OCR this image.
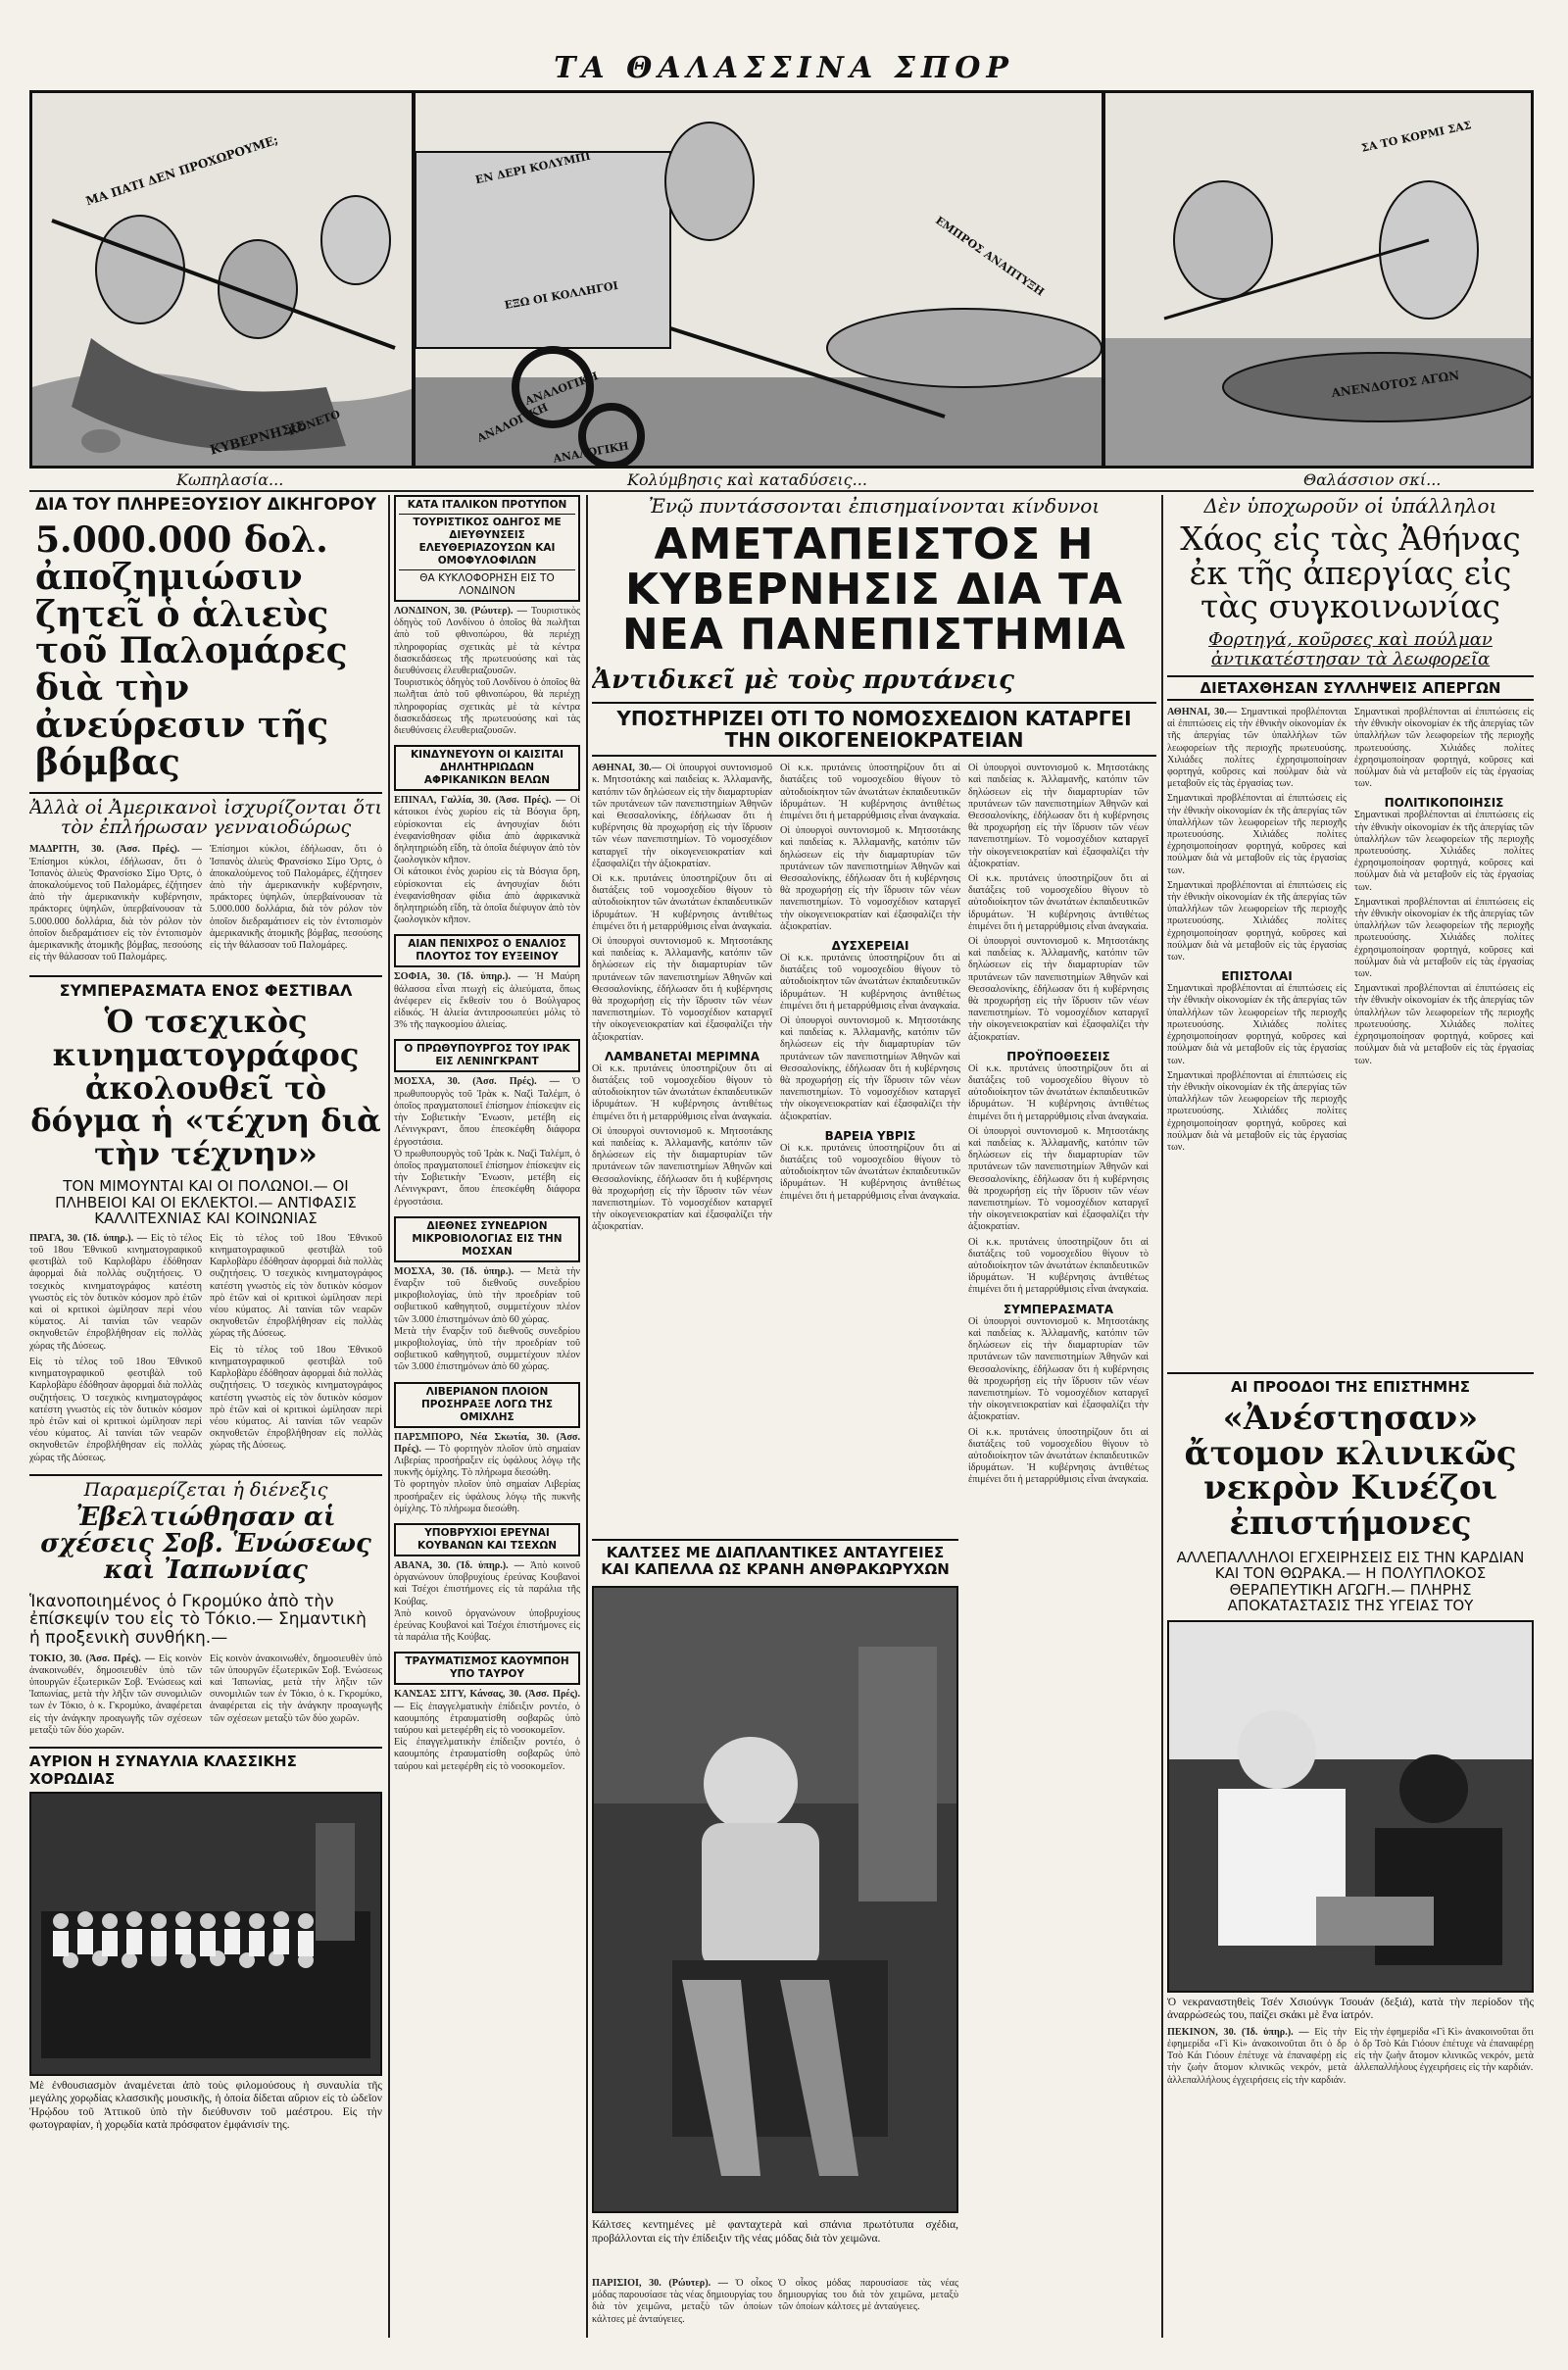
ΤΑ ΘΑΛΑΣΣΙΝΑ ΣΠΟΡ
ΜΑ ΠΑΤΙ ΔΕΝ ΠΡΟΧΩΡΟΥΜΕ;
ΚΟΝΕΤΟ
ΚΥΒΕΡΝΗΣΙΣ
ΕΝ ΔΕΡΙ ΚΟΛΥΜΠΙ
ΕΞΩ ΟΙ ΚΟΛΛΗΓΟΙ
ΑΝΑΛΟΓΙΚΗ
ΑΝΑΛΟΓΙΚΗ
ΑΝΑΛΟΓΙΚΗ
ΕΜΠΡΟΣ ΑΝΑΠΤΥΞΗ
ΣΑ ΤΟ ΚΟΡΜΙ ΣΑΣ
ΑΝΕΝΔΟΤΟΣ ΑΓΩΝ
Κωπηλασία...	Κολύμβησις καὶ καταδύσεις...	Θαλάσσιον σκί...
ΔΙΑ ΤΟΥ ΠΛΗΡΕΞΟΥΣΙΟΥ ΔΙΚΗΓΟΡΟΥ
5.000.000 δολ. ἀποζημιώσιν ζητεῖ ὁ ἁλιεὺς τοῦ Παλομάρες διὰ τὴν ἀνεύρεσιν τῆς βόμβας
Ἀλλὰ οἱ Ἀμερικανοὶ ἰσχυρίζονται ὅτι τὸν ἐπλήρωσαν γενναιοδώρως

ΜΑΔΡΙΤΗ, 30. (Ἀσσ. Πρές). — Ἐπίσημοι κύκλοι, ἐδήλωσαν, ὅτι ὁ Ἰσπανὸς ἁλιεὺς Φρανσίσκο Σίμο Ὀρτς, ὁ ἀποκαλούμενος τοῦ Παλομάρες, ἐζήτησεν ἀπὸ τὴν ἀμερικανικὴν κυβέρνησιν, πράκτορες ὑψηλῶν, ὑπερβαίνουσαν τὰ 5.000.000 δολλάρια, διὰ τὸν ρόλον τὸν ὁποῖον διεδραμάτισεν εἰς τὸν ἐντοπισμὸν ἀμερικανικῆς ἀτομικῆς βόμβας, πεσούσης εἰς τὴν θάλασσαν τοῦ Παλομάρες.

Ἐπίσημοι κύκλοι, ἐδήλωσαν, ὅτι ὁ Ἰσπανὸς ἁλιεὺς Φρανσίσκο Σίμο Ὀρτς, ὁ ἀποκαλούμενος τοῦ Παλομάρες, ἐζήτησεν ἀπὸ τὴν ἀμερικανικὴν κυβέρνησιν, πράκτορες ὑψηλῶν, ὑπερβαίνουσαν τὰ 5.000.000 δολλάρια, διὰ τὸν ρόλον τὸν ὁποῖον διεδραμάτισεν εἰς τὸν ἐντοπισμὸν ἀμερικανικῆς ἀτομικῆς βόμβας, πεσούσης εἰς τὴν θάλασσαν τοῦ Παλομάρες.

ΣΥΜΠΕΡΑΣΜΑΤΑ ΕΝΟΣ ΦΕΣΤΙΒΑΛ
Ὁ τσεχικὸς κινηματογράφος ἀκολουθεῖ τὸ δόγμα ἡ «τέχνη διὰ τὴν τέχνην»
ΤΟΝ ΜΙΜΟΥΝΤΑΙ ΚΑΙ ΟΙ ΠΟΛΩΝΟΙ.— ΟΙ ΠΛΗΒΕΙΟΙ ΚΑΙ ΟΙ ΕΚΛΕΚΤΟΙ.— ΑΝΤΙΦΑΣΙΣ ΚΑΛΛΙΤΕΧΝΙΑΣ ΚΑΙ ΚΟΙΝΩΝΙΑΣ

ΠΡΑΓΑ, 30. (Ἰδ. ὑπηρ.). — Εἰς τὸ τέλος τοῦ 18ου Ἐθνικοῦ κινηματογραφικοῦ φεστιβὰλ τοῦ Καρλοβὰρυ ἐδόθησαν ἀφορμαὶ διὰ πολλὰς συζητήσεις. Ὁ τσεχικὸς κινηματογράφος κατέστη γνωστὸς εἰς τὸν δυτικὸν κόσμον πρὸ ἐτῶν καὶ οἱ κριτικοὶ ὡμίλησαν περὶ νέου κύματος. Αἱ ταινίαι τῶν νεαρῶν σκηνοθετῶν ἐπροβλήθησαν εἰς πολλὰς χώρας τῆς Δύσεως.

Εἰς τὸ τέλος τοῦ 18ου Ἐθνικοῦ κινηματογραφικοῦ φεστιβὰλ τοῦ Καρλοβὰρυ ἐδόθησαν ἀφορμαὶ διὰ πολλὰς συζητήσεις. Ὁ τσεχικὸς κινηματογράφος κατέστη γνωστὸς εἰς τὸν δυτικὸν κόσμον πρὸ ἐτῶν καὶ οἱ κριτικοὶ ὡμίλησαν περὶ νέου κύματος. Αἱ ταινίαι τῶν νεαρῶν σκηνοθετῶν ἐπροβλήθησαν εἰς πολλὰς χώρας τῆς Δύσεως.

Εἰς τὸ τέλος τοῦ 18ου Ἐθνικοῦ κινηματογραφικοῦ φεστιβὰλ τοῦ Καρλοβὰρυ ἐδόθησαν ἀφορμαὶ διὰ πολλὰς συζητήσεις. Ὁ τσεχικὸς κινηματογράφος κατέστη γνωστὸς εἰς τὸν δυτικὸν κόσμον πρὸ ἐτῶν καὶ οἱ κριτικοὶ ὡμίλησαν περὶ νέου κύματος. Αἱ ταινίαι τῶν νεαρῶν σκηνοθετῶν ἐπροβλήθησαν εἰς πολλὰς χώρας τῆς Δύσεως.

Εἰς τὸ τέλος τοῦ 18ου Ἐθνικοῦ κινηματογραφικοῦ φεστιβὰλ τοῦ Καρλοβὰρυ ἐδόθησαν ἀφορμαὶ διὰ πολλὰς συζητήσεις. Ὁ τσεχικὸς κινηματογράφος κατέστη γνωστὸς εἰς τὸν δυτικὸν κόσμον πρὸ ἐτῶν καὶ οἱ κριτικοὶ ὡμίλησαν περὶ νέου κύματος. Αἱ ταινίαι τῶν νεαρῶν σκηνοθετῶν ἐπροβλήθησαν εἰς πολλὰς χώρας τῆς Δύσεως.

Παραμερίζεται ἡ διένεξις
Ἐβελτιώθησαν αἱ σχέσεις Σοβ. Ἑνώσεως καὶ Ἰαπωνίας
Ἱκανοποιημένος ὁ Γκρομύκο ἀπὸ τὴν ἐπίσκεψίν του εἰς τὸ Τόκιο.— Σημαντικὴ ἡ προξενικὴ συνθήκη.—

ΤΟΚΙΟ, 30. (Ἀσσ. Πρές). — Εἰς κοινὸν ἀνακοινωθέν, δημοσιευθὲν ὑπὸ τῶν ὑπουργῶν ἐξωτερικῶν Σοβ. Ἑνώσεως καὶ Ἰαπωνίας, μετὰ τὴν λῆξιν τῶν συνομιλιῶν των ἐν Τόκιο, ὁ κ. Γκρομύκο, ἀναφέρεται εἰς τὴν ἀνάγκην προαγωγῆς τῶν σχέσεων μεταξὺ τῶν δύο χωρῶν.

Εἰς κοινὸν ἀνακοινωθέν, δημοσιευθὲν ὑπὸ τῶν ὑπουργῶν ἐξωτερικῶν Σοβ. Ἑνώσεως καὶ Ἰαπωνίας, μετὰ τὴν λῆξιν τῶν συνομιλιῶν των ἐν Τόκιο, ὁ κ. Γκρομύκο, ἀναφέρεται εἰς τὴν ἀνάγκην προαγωγῆς τῶν σχέσεων μεταξὺ τῶν δύο χωρῶν.

ΑΥΡΙΟΝ Η ΣΥΝΑΥΛΙΑ ΚΛΑΣΣΙΚΗΣ ΧΟΡΩΔΙΑΣ

Μὲ ἐνθουσιασμὸν ἀναμένεται ἀπὸ τοὺς φιλομούσους ἡ συναυλία τῆς μεγάλης χορῳδίας κλασσικῆς μουσικῆς, ἡ ὁποία δίδεται αὔριον εἰς τὸ ὠδεῖον Ἡρῴδου τοῦ Ἀττικοῦ ὑπὸ τὴν διεύθυνσιν τοῦ μαέστρου. Εἰς τὴν φωτογραφίαν, ἡ χορῳδία κατὰ πρόσφατον ἐμφάνισίν της.

ΚΑΤΑ ΙΤΑΛΙΚΟΝ ΠΡΟΤΥΠΟΝ
ΤΟΥΡΙΣΤΙΚΟΣ ΟΔΗΓΟΣ ΜΕ ΔΙΕΥΘΥΝΣΕΙΣ ΕΛΕΥΘΕΡΙΑΖΟΥΣΩΝ ΚΑΙ ΟΜΟΦΥΛΟΦΙΛΩΝ
ΘΑ ΚΥΚΛΟΦΟΡΗΣΗ ΕΙΣ ΤΟ ΛΟΝΔΙΝΟΝ

ΛΟΝΔΙΝΟΝ, 30. (Ρώυτερ). — Τουριστικὸς ὁδηγὸς τοῦ Λονδίνου ὁ ὁποῖος θὰ πωλῆται ἀπὸ τοῦ φθινοπώρου, θὰ περιέχῃ πληροφορίας σχετικὰς μὲ τὰ κέντρα διασκεδάσεως τῆς πρωτευούσης καὶ τὰς διευθύνσεις ἐλευθεριαζουσῶν.

Τουριστικὸς ὁδηγὸς τοῦ Λονδίνου ὁ ὁποῖος θὰ πωλῆται ἀπὸ τοῦ φθινοπώρου, θὰ περιέχῃ πληροφορίας σχετικὰς μὲ τὰ κέντρα διασκεδάσεως τῆς πρωτευούσης καὶ τὰς διευθύνσεις ἐλευθεριαζουσῶν.

ΚΙΝΔΥΝΕΥΟΥΝ ΟΙ ΚΑΙΣΙΤΑΙ ΔΗΛΗΤΗΡΙΩΔΩΝ ΑΦΡΙΚΑΝΙΚΩΝ ΒΕΛΩΝ

ΕΠΙΝΑΛ, Γαλλία, 30. (Ἀσσ. Πρές). — Οἱ κάτοικοι ἐνὸς χωρίου εἰς τὰ Βόσγια ὄρη, εὑρίσκονται εἰς ἀνησυχίαν διότι ἐνεφανίσθησαν φίδια ἀπὸ ἀφρικανικὰ δηλητηριώδη εἴδη, τὰ ὁποῖα διέφυγον ἀπὸ τὸν ζωολογικὸν κῆπον.

Οἱ κάτοικοι ἐνὸς χωρίου εἰς τὰ Βόσγια ὄρη, εὑρίσκονται εἰς ἀνησυχίαν διότι ἐνεφανίσθησαν φίδια ἀπὸ ἀφρικανικὰ δηλητηριώδη εἴδη, τὰ ὁποῖα διέφυγον ἀπὸ τὸν ζωολογικὸν κῆπον.

ΑΙΑΝ ΠΕΝΙΧΡΟΣ Ο ΕΝΑΛΙΟΣ ΠΛΟΥΤΟΣ ΤΟΥ ΕΥΞΕΙΝΟΥ

ΣΟΦΙΑ, 30. (Ἰδ. ὑπηρ.). — Ἡ Μαύρη θάλασσα εἶναι πτωχὴ εἰς ἁλιεύματα, ὅπως ἀνέφερεν εἰς ἔκθεσίν του ὁ Βούλγαρος εἰδικός. Ἡ ἁλιεία ἀντιπροσωπεύει μόλις τὸ 3% τῆς παγκοσμίου ἀλιείας.

Ο ΠΡΩΘΥΠΟΥΡΓΟΣ ΤΟΥ ΙΡΑΚ ΕΙΣ ΛΕΝΙΝΓΚΡΑΝΤ

ΜΟΣΧΑ, 30. (Ἀσσ. Πρές). — Ὁ πρωθυπουργὸς τοῦ Ἰρὰκ κ. Ναζὶ Ταλέμπ, ὁ ὁποῖος πραγματοποιεῖ ἐπίσημον ἐπίσκεψιν εἰς τὴν Σοβιετικὴν Ἕνωσιν, μετέβη εἰς Λένινγκραντ, ὅπου ἐπεσκέφθη διάφορα ἐργοστάσια.

Ὁ πρωθυπουργὸς τοῦ Ἰρὰκ κ. Ναζὶ Ταλέμπ, ὁ ὁποῖος πραγματοποιεῖ ἐπίσημον ἐπίσκεψιν εἰς τὴν Σοβιετικὴν Ἕνωσιν, μετέβη εἰς Λένινγκραντ, ὅπου ἐπεσκέφθη διάφορα ἐργοστάσια.

ΔΙΕΘΝΕΣ ΣΥΝΕΔΡΙΟΝ ΜΙΚΡΟΒΙΟΛΟΓΙΑΣ ΕΙΣ ΤΗΝ ΜΟΣΧΑΝ

ΜΟΣΧΑ, 30. (Ἰδ. ὑπηρ.). — Μετὰ τὴν ἔναρξιν τοῦ διεθνοῦς συνεδρίου μικροβιολογίας, ὑπὸ τὴν προεδρίαν τοῦ σοβιετικοῦ καθηγητοῦ, συμμετέχουν πλέον τῶν 3.000 ἐπιστημόνων ἀπὸ 60 χώρας.

Μετὰ τὴν ἔναρξιν τοῦ διεθνοῦς συνεδρίου μικροβιολογίας, ὑπὸ τὴν προεδρίαν τοῦ σοβιετικοῦ καθηγητοῦ, συμμετέχουν πλέον τῶν 3.000 ἐπιστημόνων ἀπὸ 60 χώρας.

ΛΙΒΕΡΙΑΝΟΝ ΠΛΟΙΟΝ ΠΡΟΣΗΡΑΞΕ ΛΟΓΩ ΤΗΣ ΟΜΙΧΛΗΣ

ΠΑΡΣΜΠΟΡΟ, Νέα Σκωτία, 30. (Ἀσσ. Πρές). — Τὸ φορτηγὸν πλοῖον ὑπὸ σημαίαν Λιβερίας προσήραξεν εἰς ὑφάλους λόγῳ τῆς πυκνῆς ὁμίχλης. Τὸ πλήρωμα διεσώθη.

Τὸ φορτηγὸν πλοῖον ὑπὸ σημαίαν Λιβερίας προσήραξεν εἰς ὑφάλους λόγῳ τῆς πυκνῆς ὁμίχλης. Τὸ πλήρωμα διεσώθη.

ΥΠΟΒΡΥΧΙΟΙ ΕΡΕΥΝΑΙ ΚΟΥΒΑΝΩΝ ΚΑΙ ΤΣΕΧΩΝ

ΑΒΑΝΑ, 30. (Ἰδ. ὑπηρ.). — Ἀπὸ κοινοῦ ὀργανώνουν ὑποβρυχίους ἐρεύνας Κουβανοὶ καὶ Τσέχοι ἐπιστήμονες εἰς τὰ παράλια τῆς Κούβας.

Ἀπὸ κοινοῦ ὀργανώνουν ὑποβρυχίους ἐρεύνας Κουβανοὶ καὶ Τσέχοι ἐπιστήμονες εἰς τὰ παράλια τῆς Κούβας.

ΤΡΑΥΜΑΤΙΣΜΟΣ ΚΑΟΥΜΠΟΗ ΥΠΟ ΤΑΥΡΟΥ

ΚΑΝΣΑΣ ΣΙΤΥ, Κάνσας, 30. (Ἀσσ. Πρές). — Εἰς ἐπαγγελματικὴν ἐπίδειξιν ροντέο, ὁ καουμπόης ἐτραυματίσθη σοβαρῶς ὑπὸ ταύρου καὶ μετεφέρθη εἰς τὸ νοσοκομεῖον.

Εἰς ἐπαγγελματικὴν ἐπίδειξιν ροντέο, ὁ καουμπόης ἐτραυματίσθη σοβαρῶς ὑπὸ ταύρου καὶ μετεφέρθη εἰς τὸ νοσοκομεῖον.

Ἐνῷ πυντάσσονται ἐπισημαίνονται κίνδυνοι
ΑΜΕΤΑΠΕΙΣΤΟΣ Η ΚΥΒΕΡΝΗΣΙΣ ΔΙΑ ΤΑ ΝΕΑ ΠΑΝΕΠΙΣΤΗΜΙΑ
Ἀντιδικεῖ μὲ τοὺς πρυτάνεις
ΥΠΟΣΤΗΡΙΖΕΙ ΟΤΙ ΤΟ ΝΟΜΟΣΧΕΔΙΟΝ ΚΑΤΑΡΓΕΙ ΤΗΝ ΟΙΚΟΓΕΝΕΙΟΚΡΑΤΕΙΑΝ

ΑΘΗΝΑΙ, 30.— Οἱ ὑπουργοὶ συντονισμοῦ κ. Μητσοτάκης καὶ παιδείας κ. Ἀλλαμανῆς, κατόπιν τῶν δηλώσεων εἰς τὴν διαμαρτυρίαν τῶν πρυτάνεων τῶν πανεπιστημίων Ἀθηνῶν καὶ Θεσσαλονίκης, ἐδήλωσαν ὅτι ἡ κυβέρνησις θὰ προχωρήσῃ εἰς τὴν ἵδρυσιν τῶν νέων πανεπιστημίων. Τὸ νομοσχέδιον καταργεῖ τὴν οἰκογενειοκρατίαν καὶ ἐξασφαλίζει τὴν ἀξιοκρατίαν.

Οἱ κ.κ. πρυτάνεις ὑποστηρίζουν ὅτι αἱ διατάξεις τοῦ νομοσχεδίου θίγουν τὸ αὐτοδιοίκητον τῶν ἀνωτάτων ἐκπαιδευτικῶν ἱδρυμάτων. Ἡ κυβέρνησις ἀντιθέτως ἐπιμένει ὅτι ἡ μεταρρύθμισις εἶναι ἀναγκαία.

Οἱ ὑπουργοὶ συντονισμοῦ κ. Μητσοτάκης καὶ παιδείας κ. Ἀλλαμανῆς, κατόπιν τῶν δηλώσεων εἰς τὴν διαμαρτυρίαν τῶν πρυτάνεων τῶν πανεπιστημίων Ἀθηνῶν καὶ Θεσσαλονίκης, ἐδήλωσαν ὅτι ἡ κυβέρνησις θὰ προχωρήσῃ εἰς τὴν ἵδρυσιν τῶν νέων πανεπιστημίων. Τὸ νομοσχέδιον καταργεῖ τὴν οἰκογενειοκρατίαν καὶ ἐξασφαλίζει τὴν ἀξιοκρατίαν.

ΛΑΜΒΑΝΕΤΑΙ ΜΕΡΙΜΝΑ

Οἱ κ.κ. πρυτάνεις ὑποστηρίζουν ὅτι αἱ διατάξεις τοῦ νομοσχεδίου θίγουν τὸ αὐτοδιοίκητον τῶν ἀνωτάτων ἐκπαιδευτικῶν ἱδρυμάτων. Ἡ κυβέρνησις ἀντιθέτως ἐπιμένει ὅτι ἡ μεταρρύθμισις εἶναι ἀναγκαία.

Οἱ ὑπουργοὶ συντονισμοῦ κ. Μητσοτάκης καὶ παιδείας κ. Ἀλλαμανῆς, κατόπιν τῶν δηλώσεων εἰς τὴν διαμαρτυρίαν τῶν πρυτάνεων τῶν πανεπιστημίων Ἀθηνῶν καὶ Θεσσαλονίκης, ἐδήλωσαν ὅτι ἡ κυβέρνησις θὰ προχωρήσῃ εἰς τὴν ἵδρυσιν τῶν νέων πανεπιστημίων. Τὸ νομοσχέδιον καταργεῖ τὴν οἰκογενειοκρατίαν καὶ ἐξασφαλίζει τὴν ἀξιοκρατίαν.

Οἱ κ.κ. πρυτάνεις ὑποστηρίζουν ὅτι αἱ διατάξεις τοῦ νομοσχεδίου θίγουν τὸ αὐτοδιοίκητον τῶν ἀνωτάτων ἐκπαιδευτικῶν ἱδρυμάτων. Ἡ κυβέρνησις ἀντιθέτως ἐπιμένει ὅτι ἡ μεταρρύθμισις εἶναι ἀναγκαία.

Οἱ ὑπουργοὶ συντονισμοῦ κ. Μητσοτάκης καὶ παιδείας κ. Ἀλλαμανῆς, κατόπιν τῶν δηλώσεων εἰς τὴν διαμαρτυρίαν τῶν πρυτάνεων τῶν πανεπιστημίων Ἀθηνῶν καὶ Θεσσαλονίκης, ἐδήλωσαν ὅτι ἡ κυβέρνησις θὰ προχωρήσῃ εἰς τὴν ἵδρυσιν τῶν νέων πανεπιστημίων. Τὸ νομοσχέδιον καταργεῖ τὴν οἰκογενειοκρατίαν καὶ ἐξασφαλίζει τὴν ἀξιοκρατίαν.

ΔΥΣΧΕΡΕΙΑΙ

Οἱ κ.κ. πρυτάνεις ὑποστηρίζουν ὅτι αἱ διατάξεις τοῦ νομοσχεδίου θίγουν τὸ αὐτοδιοίκητον τῶν ἀνωτάτων ἐκπαιδευτικῶν ἱδρυμάτων. Ἡ κυβέρνησις ἀντιθέτως ἐπιμένει ὅτι ἡ μεταρρύθμισις εἶναι ἀναγκαία.

Οἱ ὑπουργοὶ συντονισμοῦ κ. Μητσοτάκης καὶ παιδείας κ. Ἀλλαμανῆς, κατόπιν τῶν δηλώσεων εἰς τὴν διαμαρτυρίαν τῶν πρυτάνεων τῶν πανεπιστημίων Ἀθηνῶν καὶ Θεσσαλονίκης, ἐδήλωσαν ὅτι ἡ κυβέρνησις θὰ προχωρήσῃ εἰς τὴν ἵδρυσιν τῶν νέων πανεπιστημίων. Τὸ νομοσχέδιον καταργεῖ τὴν οἰκογενειοκρατίαν καὶ ἐξασφαλίζει τὴν ἀξιοκρατίαν.

ΒΑΡΕΙΑ ΥΒΡΙΣ

Οἱ κ.κ. πρυτάνεις ὑποστηρίζουν ὅτι αἱ διατάξεις τοῦ νομοσχεδίου θίγουν τὸ αὐτοδιοίκητον τῶν ἀνωτάτων ἐκπαιδευτικῶν ἱδρυμάτων. Ἡ κυβέρνησις ἀντιθέτως ἐπιμένει ὅτι ἡ μεταρρύθμισις εἶναι ἀναγκαία.

Οἱ ὑπουργοὶ συντονισμοῦ κ. Μητσοτάκης καὶ παιδείας κ. Ἀλλαμανῆς, κατόπιν τῶν δηλώσεων εἰς τὴν διαμαρτυρίαν τῶν πρυτάνεων τῶν πανεπιστημίων Ἀθηνῶν καὶ Θεσσαλονίκης, ἐδήλωσαν ὅτι ἡ κυβέρνησις θὰ προχωρήσῃ εἰς τὴν ἵδρυσιν τῶν νέων πανεπιστημίων. Τὸ νομοσχέδιον καταργεῖ τὴν οἰκογενειοκρατίαν καὶ ἐξασφαλίζει τὴν ἀξιοκρατίαν.

Οἱ κ.κ. πρυτάνεις ὑποστηρίζουν ὅτι αἱ διατάξεις τοῦ νομοσχεδίου θίγουν τὸ αὐτοδιοίκητον τῶν ἀνωτάτων ἐκπαιδευτικῶν ἱδρυμάτων. Ἡ κυβέρνησις ἀντιθέτως ἐπιμένει ὅτι ἡ μεταρρύθμισις εἶναι ἀναγκαία.

Οἱ ὑπουργοὶ συντονισμοῦ κ. Μητσοτάκης καὶ παιδείας κ. Ἀλλαμανῆς, κατόπιν τῶν δηλώσεων εἰς τὴν διαμαρτυρίαν τῶν πρυτάνεων τῶν πανεπιστημίων Ἀθηνῶν καὶ Θεσσαλονίκης, ἐδήλωσαν ὅτι ἡ κυβέρνησις θὰ προχωρήσῃ εἰς τὴν ἵδρυσιν τῶν νέων πανεπιστημίων. Τὸ νομοσχέδιον καταργεῖ τὴν οἰκογενειοκρατίαν καὶ ἐξασφαλίζει τὴν ἀξιοκρατίαν.

ΠΡΟΫΠΟΘΕΣΕΙΣ

Οἱ κ.κ. πρυτάνεις ὑποστηρίζουν ὅτι αἱ διατάξεις τοῦ νομοσχεδίου θίγουν τὸ αὐτοδιοίκητον τῶν ἀνωτάτων ἐκπαιδευτικῶν ἱδρυμάτων. Ἡ κυβέρνησις ἀντιθέτως ἐπιμένει ὅτι ἡ μεταρρύθμισις εἶναι ἀναγκαία.

Οἱ ὑπουργοὶ συντονισμοῦ κ. Μητσοτάκης καὶ παιδείας κ. Ἀλλαμανῆς, κατόπιν τῶν δηλώσεων εἰς τὴν διαμαρτυρίαν τῶν πρυτάνεων τῶν πανεπιστημίων Ἀθηνῶν καὶ Θεσσαλονίκης, ἐδήλωσαν ὅτι ἡ κυβέρνησις θὰ προχωρήσῃ εἰς τὴν ἵδρυσιν τῶν νέων πανεπιστημίων. Τὸ νομοσχέδιον καταργεῖ τὴν οἰκογενειοκρατίαν καὶ ἐξασφαλίζει τὴν ἀξιοκρατίαν.

Οἱ κ.κ. πρυτάνεις ὑποστηρίζουν ὅτι αἱ διατάξεις τοῦ νομοσχεδίου θίγουν τὸ αὐτοδιοίκητον τῶν ἀνωτάτων ἐκπαιδευτικῶν ἱδρυμάτων. Ἡ κυβέρνησις ἀντιθέτως ἐπιμένει ὅτι ἡ μεταρρύθμισις εἶναι ἀναγκαία.

ΣΥΜΠΕΡΑΣΜΑΤΑ

Οἱ ὑπουργοὶ συντονισμοῦ κ. Μητσοτάκης καὶ παιδείας κ. Ἀλλαμανῆς, κατόπιν τῶν δηλώσεων εἰς τὴν διαμαρτυρίαν τῶν πρυτάνεων τῶν πανεπιστημίων Ἀθηνῶν καὶ Θεσσαλονίκης, ἐδήλωσαν ὅτι ἡ κυβέρνησις θὰ προχωρήσῃ εἰς τὴν ἵδρυσιν τῶν νέων πανεπιστημίων. Τὸ νομοσχέδιον καταργεῖ τὴν οἰκογενειοκρατίαν καὶ ἐξασφαλίζει τὴν ἀξιοκρατίαν.

Οἱ κ.κ. πρυτάνεις ὑποστηρίζουν ὅτι αἱ διατάξεις τοῦ νομοσχεδίου θίγουν τὸ αὐτοδιοίκητον τῶν ἀνωτάτων ἐκπαιδευτικῶν ἱδρυμάτων. Ἡ κυβέρνησις ἀντιθέτως ἐπιμένει ὅτι ἡ μεταρρύθμισις εἶναι ἀναγκαία.

ΚΑΛΤΣΕΣ ΜΕ ΔΙΑΠΛΑΝΤΙΚΕΣ ΑΝΤΑΥΓΕΙΕΣ ΚΑΙ ΚΑΠΕΛΛΑ ΩΣ ΚΡΑΝΗ ΑΝΘΡΑΚΩΡΥΧΩΝ

Κάλτσες κεντημένες μὲ φανταχτερὰ καὶ σπάνια πρωτότυπα σχέδια, προβάλλονται εἰς τὴν ἐπίδειξιν τῆς νέας μόδας διὰ τὸν χειμῶνα.

ΠΑΡΙΣΙΟΙ, 30. (Ρώυτερ). — Ὁ οἶκος μόδας παρουσίασε τὰς νέας δημιουργίας του διὰ τὸν χειμῶνα, μεταξὺ τῶν ὁποίων κάλτσες μὲ ἀνταύγειες.

Ὁ οἶκος μόδας παρουσίασε τὰς νέας δημιουργίας του διὰ τὸν χειμῶνα, μεταξὺ τῶν ὁποίων κάλτσες μὲ ἀνταύγειες.

Δὲν ὑποχωροῦν οἱ ὑπάλληλοι
Χάος εἰς τὰς Ἀθήνας ἐκ τῆς ἀπεργίας εἰς τὰς συγκοινωνίας
Φορτηγά, κοῦρσες καὶ πούλμαν ἀντικατέστησαν τὰ λεωφορεῖα
ΔΙΕΤΑΧΘΗΣΑΝ ΣΥΛΛΗΨΕΙΣ ΑΠΕΡΓΩΝ

ΑΘΗΝΑΙ, 30.— Σημαντικαὶ προβλέπονται αἱ ἐπιπτώσεις εἰς τὴν ἐθνικὴν οἰκονομίαν ἐκ τῆς ἀπεργίας τῶν ὑπαλλήλων τῶν λεωφορείων τῆς περιοχῆς πρωτευούσης. Χιλιάδες πολίτες ἐχρησιμοποίησαν φορτηγά, κοῦρσες καὶ πούλμαν διὰ νὰ μεταβοῦν εἰς τὰς ἐργασίας των.

Σημαντικαὶ προβλέπονται αἱ ἐπιπτώσεις εἰς τὴν ἐθνικὴν οἰκονομίαν ἐκ τῆς ἀπεργίας τῶν ὑπαλλήλων τῶν λεωφορείων τῆς περιοχῆς πρωτευούσης. Χιλιάδες πολίτες ἐχρησιμοποίησαν φορτηγά, κοῦρσες καὶ πούλμαν διὰ νὰ μεταβοῦν εἰς τὰς ἐργασίας των.

Σημαντικαὶ προβλέπονται αἱ ἐπιπτώσεις εἰς τὴν ἐθνικὴν οἰκονομίαν ἐκ τῆς ἀπεργίας τῶν ὑπαλλήλων τῶν λεωφορείων τῆς περιοχῆς πρωτευούσης. Χιλιάδες πολίτες ἐχρησιμοποίησαν φορτηγά, κοῦρσες καὶ πούλμαν διὰ νὰ μεταβοῦν εἰς τὰς ἐργασίας των.

ΕΠΙΣΤΟΛΑΙ

Σημαντικαὶ προβλέπονται αἱ ἐπιπτώσεις εἰς τὴν ἐθνικὴν οἰκονομίαν ἐκ τῆς ἀπεργίας τῶν ὑπαλλήλων τῶν λεωφορείων τῆς περιοχῆς πρωτευούσης. Χιλιάδες πολίτες ἐχρησιμοποίησαν φορτηγά, κοῦρσες καὶ πούλμαν διὰ νὰ μεταβοῦν εἰς τὰς ἐργασίας των.

Σημαντικαὶ προβλέπονται αἱ ἐπιπτώσεις εἰς τὴν ἐθνικὴν οἰκονομίαν ἐκ τῆς ἀπεργίας τῶν ὑπαλλήλων τῶν λεωφορείων τῆς περιοχῆς πρωτευούσης. Χιλιάδες πολίτες ἐχρησιμοποίησαν φορτηγά, κοῦρσες καὶ πούλμαν διὰ νὰ μεταβοῦν εἰς τὰς ἐργασίας των.

Σημαντικαὶ προβλέπονται αἱ ἐπιπτώσεις εἰς τὴν ἐθνικὴν οἰκονομίαν ἐκ τῆς ἀπεργίας τῶν ὑπαλλήλων τῶν λεωφορείων τῆς περιοχῆς πρωτευούσης. Χιλιάδες πολίτες ἐχρησιμοποίησαν φορτηγά, κοῦρσες καὶ πούλμαν διὰ νὰ μεταβοῦν εἰς τὰς ἐργασίας των.

ΠΟΛΙΤΙΚΟΠΟΙΗΣΙΣ

Σημαντικαὶ προβλέπονται αἱ ἐπιπτώσεις εἰς τὴν ἐθνικὴν οἰκονομίαν ἐκ τῆς ἀπεργίας τῶν ὑπαλλήλων τῶν λεωφορείων τῆς περιοχῆς πρωτευούσης. Χιλιάδες πολίτες ἐχρησιμοποίησαν φορτηγά, κοῦρσες καὶ πούλμαν διὰ νὰ μεταβοῦν εἰς τὰς ἐργασίας των.

Σημαντικαὶ προβλέπονται αἱ ἐπιπτώσεις εἰς τὴν ἐθνικὴν οἰκονομίαν ἐκ τῆς ἀπεργίας τῶν ὑπαλλήλων τῶν λεωφορείων τῆς περιοχῆς πρωτευούσης. Χιλιάδες πολίτες ἐχρησιμοποίησαν φορτηγά, κοῦρσες καὶ πούλμαν διὰ νὰ μεταβοῦν εἰς τὰς ἐργασίας των.

Σημαντικαὶ προβλέπονται αἱ ἐπιπτώσεις εἰς τὴν ἐθνικὴν οἰκονομίαν ἐκ τῆς ἀπεργίας τῶν ὑπαλλήλων τῶν λεωφορείων τῆς περιοχῆς πρωτευούσης. Χιλιάδες πολίτες ἐχρησιμοποίησαν φορτηγά, κοῦρσες καὶ πούλμαν διὰ νὰ μεταβοῦν εἰς τὰς ἐργασίας των.

ΑΙ ΠΡΟΟΔΟΙ ΤΗΣ ΕΠΙΣΤΗΜΗΣ
«Ἀνέστησαν» ἄτομον κλινικῶς νεκρὸν Κινέζοι ἐπιστήμονες
ΑΛΛΕΠΑΛΛΗΛΟΙ ΕΓΧΕΙΡΗΣΕΙΣ ΕΙΣ ΤΗΝ ΚΑΡΔΙΑΝ ΚΑΙ ΤΟΝ ΘΩΡΑΚΑ.— Η ΠΟΛΥΠΛΟΚΟΣ ΘΕΡΑΠΕΥΤΙΚΗ ΑΓΩΓΗ.— ΠΛΗΡΗΣ ΑΠΟΚΑΤΑΣΤΑΣΙΣ ΤΗΣ ΥΓΕΙΑΣ ΤΟΥ

Ὁ νεκραναστηθεὶς Τσέν Χσιούνγκ Τσουάν (δεξιά), κατὰ τὴν περίοδον τῆς ἀναρρώσεώς του, παίζει σκάκι μὲ ἕνα ἰατρόν.

ΠΕΚΙΝΟΝ, 30. (Ἰδ. ὑπηρ.). — Εἰς τὴν ἐφημερίδα «Γὶ Κὶ» ἀνακοινοῦται ὅτι ὁ δρ Τσὸ Κάι Γιόουν ἐπέτυχε νὰ ἐπαναφέρῃ εἰς τὴν ζωὴν ἄτομον κλινικῶς νεκρόν, μετὰ ἀλλεπαλλήλους ἐγχειρήσεις εἰς τὴν καρδιάν.

Εἰς τὴν ἐφημερίδα «Γὶ Κὶ» ἀνακοινοῦται ὅτι ὁ δρ Τσὸ Κάι Γιόουν ἐπέτυχε νὰ ἐπαναφέρῃ εἰς τὴν ζωὴν ἄτομον κλινικῶς νεκρόν, μετὰ ἀλλεπαλλήλους ἐγχειρήσεις εἰς τὴν καρδιάν.
